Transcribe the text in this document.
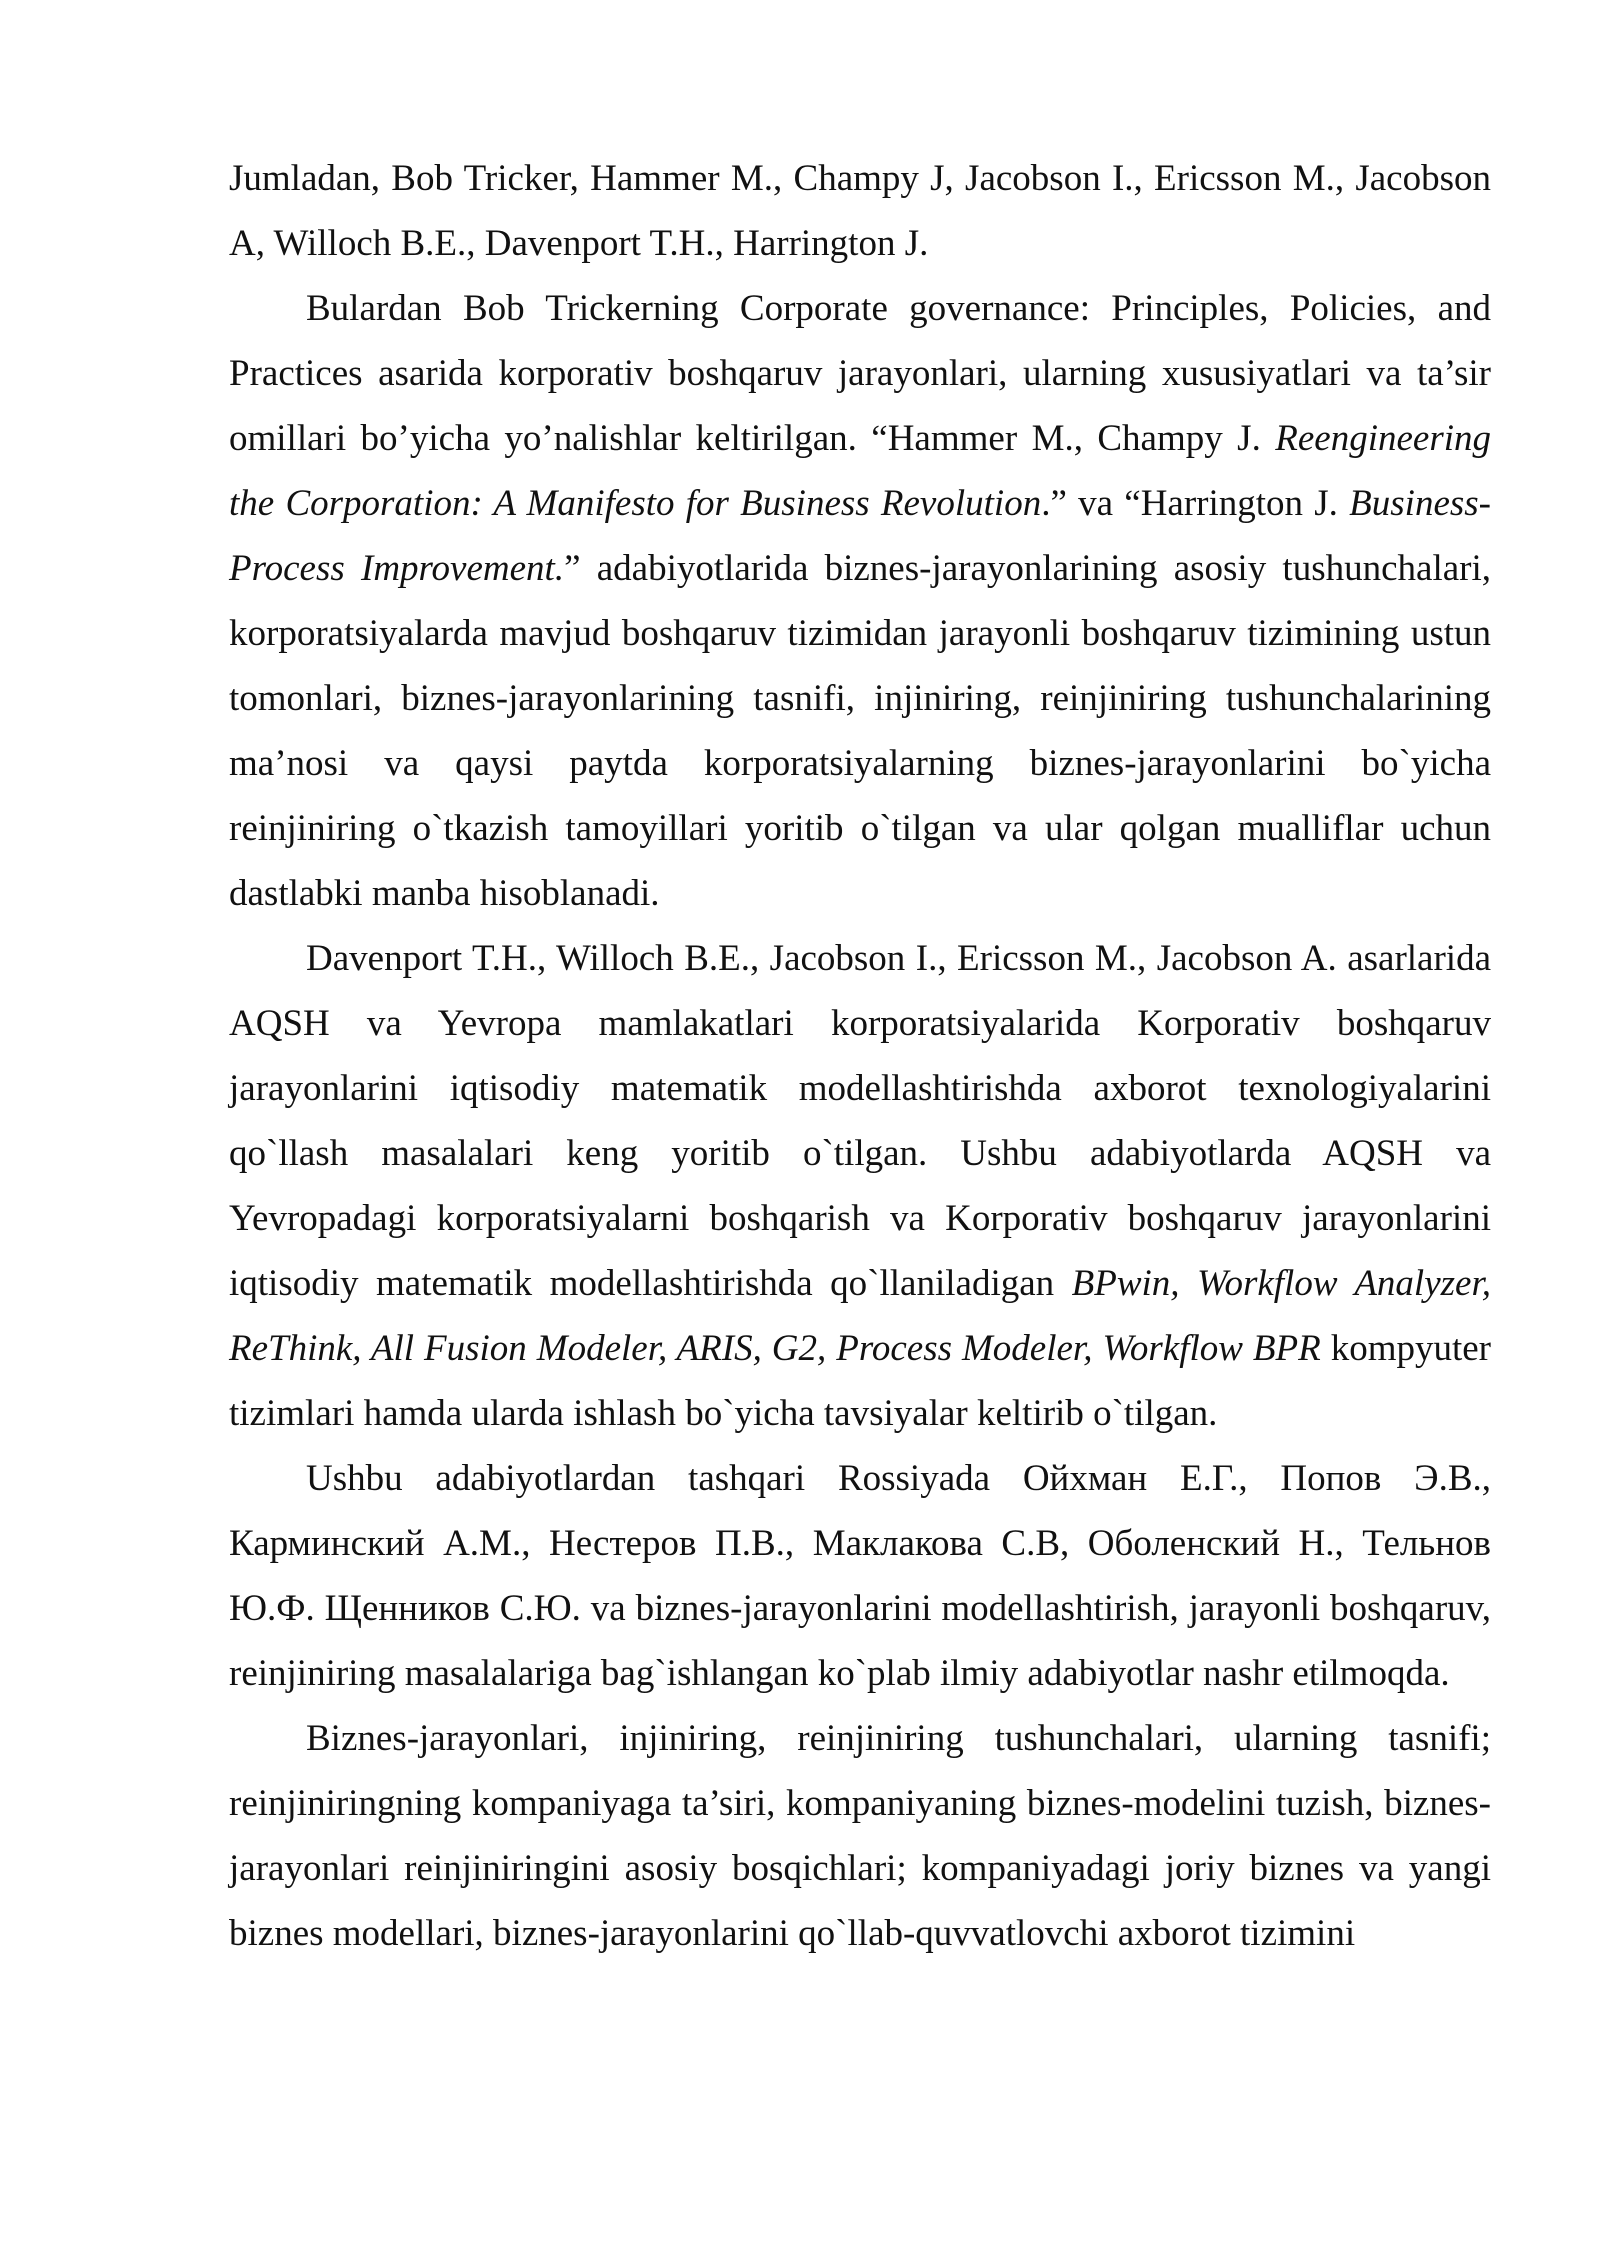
Jumladan, Bob Tricker, Hammer M., Champy J, Jacobson I., Ericsson M., Jacobson A, Willoch B.E., Davenport T.H., Harrington J.

Bulardan Bob Trickerning Corporate governance: Principles, Policies, and Practices asarida korporativ boshqaruv jarayonlari, ularning xususiyatlari va ta’sir omillari bo’yicha yo’nalishlar keltirilgan. “Hammer M., Champy J. Reengineering the Corporation: A Manifesto for Business Revolution.” va “Harrington J. Business-Process Improvement.” adabiyotlarida biznes-jarayonlarining asosiy tushunchalari, korporatsiyalarda mavjud boshqaruv tizimidan jarayonli boshqaruv tizimining ustun tomonlari, biznes-jarayonlarining tasnifi, injiniring, reinjiniring tushunchalarining ma’nosi va qaysi paytda korporatsiyalarning biznes-jarayonlarini bo`yicha reinjiniring o`tkazish tamoyillari yoritib o`tilgan va ular qolgan mualliflar uchun dastlabki manba hisoblanadi.

Davenport T.H., Willoch B.E., Jacobson I., Ericsson M., Jacobson A. asarlarida AQSH va Yevropa mamlakatlari korporatsiyalarida Korporativ boshqaruv jarayonlarini iqtisodiy matematik modellashtirishda axborot texnologiyalarini qo`llash masalalari keng yoritib o`tilgan. Ushbu adabiyotlarda AQSH va Yevropadagi korporatsiyalarni boshqarish va Korporativ boshqaruv jarayonlarini iqtisodiy matematik modellashtirishda qo`llaniladigan BPwin, Workflow Analyzer, ReThink, All Fusion Modeler, ARIS, G2, Process Modeler, Workflow BPR kompyuter tizimlari hamda ularda ishlash bo`yicha tavsiyalar keltirib o`tilgan.

Ushbu adabiyotlardan tashqari Rossiyada Ойхман Е.Г., Попов Э.В., Карминский А.М., Нестеров П.В., Маклакова С.В, Оболенский Н., Тельнов Ю.Ф. Щенников С.Ю. va biznes-jarayonlarini modellashtirish, jarayonli boshqaruv, reinjiniring masalalariga bag`ishlangan ko`plab ilmiy adabiyotlar nashr etilmoqda.

Biznes-jarayonlari, injiniring, reinjiniring tushunchalari, ularning tasnifi; reinjiniringning kompaniyaga ta’siri, kompaniyaning biznes-modelini tuzish, biznes-jarayonlari reinjiniringini asosiy bosqichlari; kompaniyadagi joriy biznes va yangi biznes modellari, biznes-jarayonlarini qo`llab-quvvatlovchi axborot tizimini
